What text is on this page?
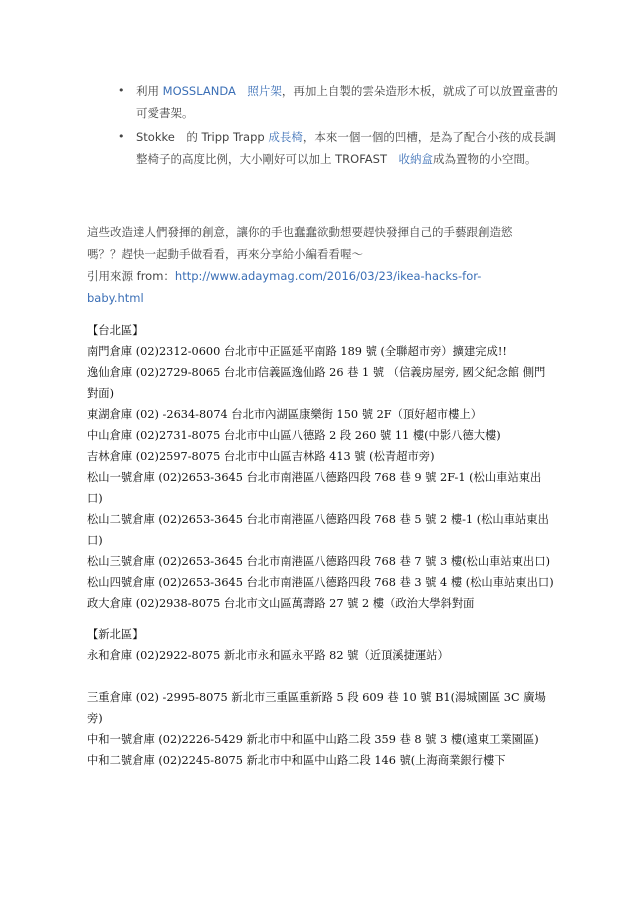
• 利用 MOSSLANDA　照片架，再加上自製的雲朵造形木板，就成了可以放置童書的
可愛書架。
• Stokke　的 Tripp Trapp 成長椅，本來一個一個的凹槽，是為了配合小孩的成長調
整椅子的高度比例，大小剛好可以加上 TROFAST　收納盒成為置物的小空間。

這些改造達人們發揮的創意，讓你的手也蠢蠢欲動想要趕快發揮自己的手藝跟創造慾

嗎？？趕快一起動手做看看，再來分享給小編看看喔～

引用來源 from：http://www.adaymag.com/2016/03/23/ikea-hacks-for-baby.html

【台北區】

南門倉庫 (02)2312-0600 台北市中正區延平南路 189 號 (全聯超市旁）擴建完成!!

逸仙倉庫 (02)2729-8065 台北市信義區逸仙路 26 巷 1 號 （信義房屋旁, 國父紀念館 側門

對面)

東湖倉庫 (02) -2634-8074 台北市內湖區康樂街 150 號 2F（頂好超市樓上）

中山倉庫 (02)2731-8075 台北市中山區八德路 2 段 260 號 11 樓(中影八德大樓)

吉林倉庫 (02)2597-8075 台北市中山區吉林路 413 號 (松青超市旁)

松山一號倉庫 (02)2653-3645 台北市南港區八德路四段 768 巷 9 號 2F-1 (松山車站東出口)

松山二號倉庫 (02)2653-3645 台北市南港區八德路四段 768 巷 5 號 2 樓-1 (松山車站東出

口)

松山三號倉庫 (02)2653-3645 台北市南港區八德路四段 768 巷 7 號 3 樓(松山車站東出口)

松山四號倉庫 (02)2653-3645 台北市南港區八德路四段 768 巷 3 號 4 樓 (松山車站東出口)

政大倉庫 (02)2938-8075 台北市文山區萬壽路 27 號 2 樓（政治大學斜對面

【新北區】

永和倉庫 (02)2922-8075 新北市永和區永平路 82 號（近頂溪捷運站）

三重倉庫 (02) -2995-8075 新北市三重區重新路 5 段 609 巷 10 號 B1(湯城園區 3C 廣場旁)

中和一號倉庫 (02)2226-5429 新北市中和區中山路二段 359 巷 8 號 3 樓(遠東工業園區)

中和二號倉庫 (02)2245-8075 新北市中和區中山路二段 146 號(上海商業銀行樓下
